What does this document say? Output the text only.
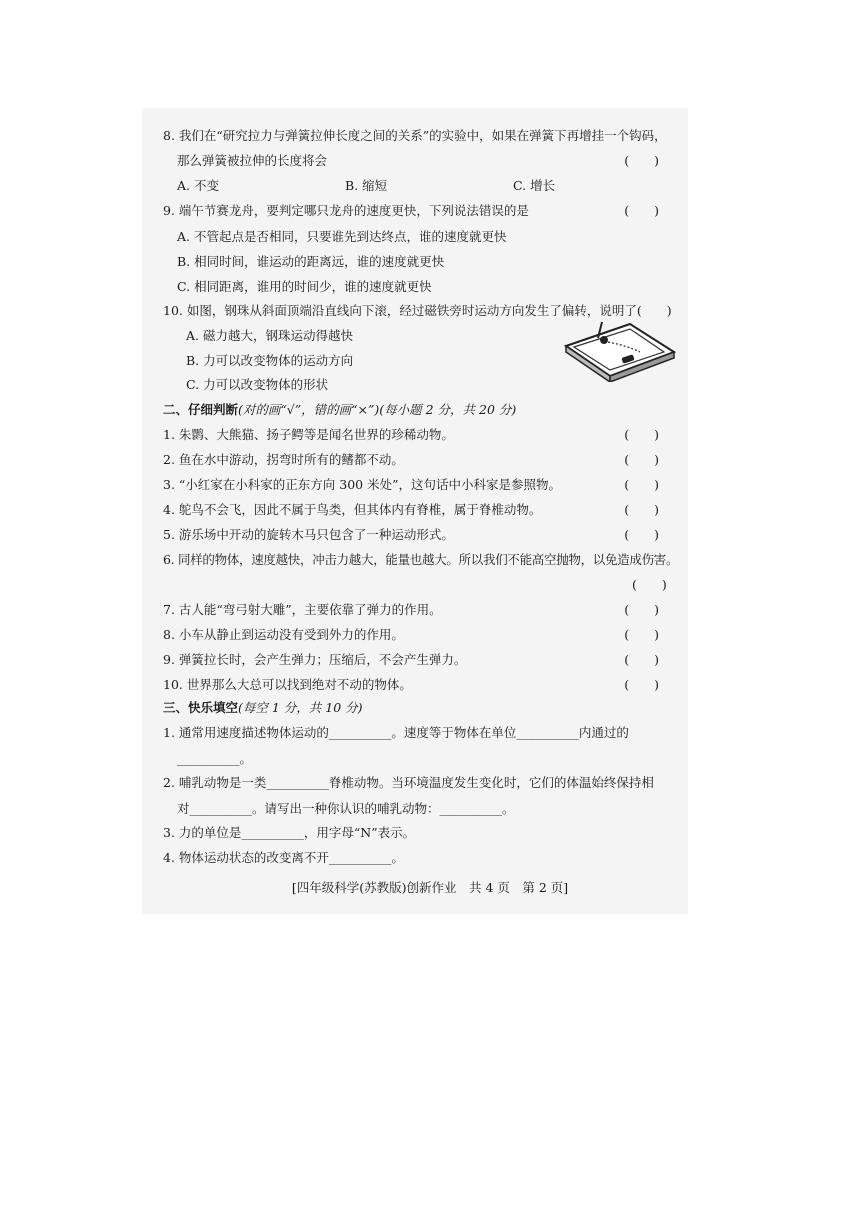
8. 我们在“研究拉力与弹簧拉伸长度之间的关系”的实验中，如果在弹簧下再增挂一个钩码，
那么弹簧被拉伸的长度将会	(　　)
A. 不变	B. 缩短	C. 增长
9. 端午节赛龙舟，要判定哪只龙舟的速度更快，下列说法错误的是	(　　)
A. 不管起点是否相同，只要谁先到达终点，谁的速度就更快
B. 相同时间，谁运动的距离远，谁的速度就更快
C. 相同距离，谁用的时间少，谁的速度就更快
10. 如图，钢珠从斜面顶端沿直线向下滚，经过磁铁旁时运动方向发生了偏转，说明了(　　)
A. 磁力越大，钢珠运动得越快
B. 力可以改变物体的运动方向
C. 力可以改变物体的形状
二、仔细判断(对的画“√”，错的画“×”)(每小题 2 分，共 20 分)
1. 朱鹮、大熊猫、扬子鳄等是闻名世界的珍稀动物。	(　　)
2. 鱼在水中游动，拐弯时所有的鳍都不动。	(　　)
3. “小红家在小科家的正东方向 300 米处”，这句话中小科家是参照物。	(　　)
4. 鸵鸟不会飞，因此不属于鸟类，但其体内有脊椎，属于脊椎动物。	(　　)
5. 游乐场中开动的旋转木马只包含了一种运动形式。	(　　)
6. 同样的物体，速度越快，冲击力越大，能量也越大。所以我们不能高空抛物，以免造成伤害。
(　　)
7. 古人能“弯弓射大雕”，主要依靠了弹力的作用。	(　　)
8. 小车从静止到运动没有受到外力的作用。	(　　)
9. 弹簧拉长时，会产生弹力；压缩后，不会产生弹力。	(　　)
10. 世界那么大总可以找到绝对不动的物体。	(　　)
三、快乐填空(每空 1 分，共 10 分)
1. 通常用速度描述物体运动的__________。速度等于物体在单位__________内通过的
__________。
2. 哺乳动物是一类__________脊椎动物。当环境温度发生变化时，它们的体温始终保持相
对__________。请写出一种你认识的哺乳动物：__________。
3. 力的单位是__________，用字母“N”表示。
4. 物体运动状态的改变离不开__________。
[四年级科学(苏教版)创新作业　共 4 页　第 2 页]
